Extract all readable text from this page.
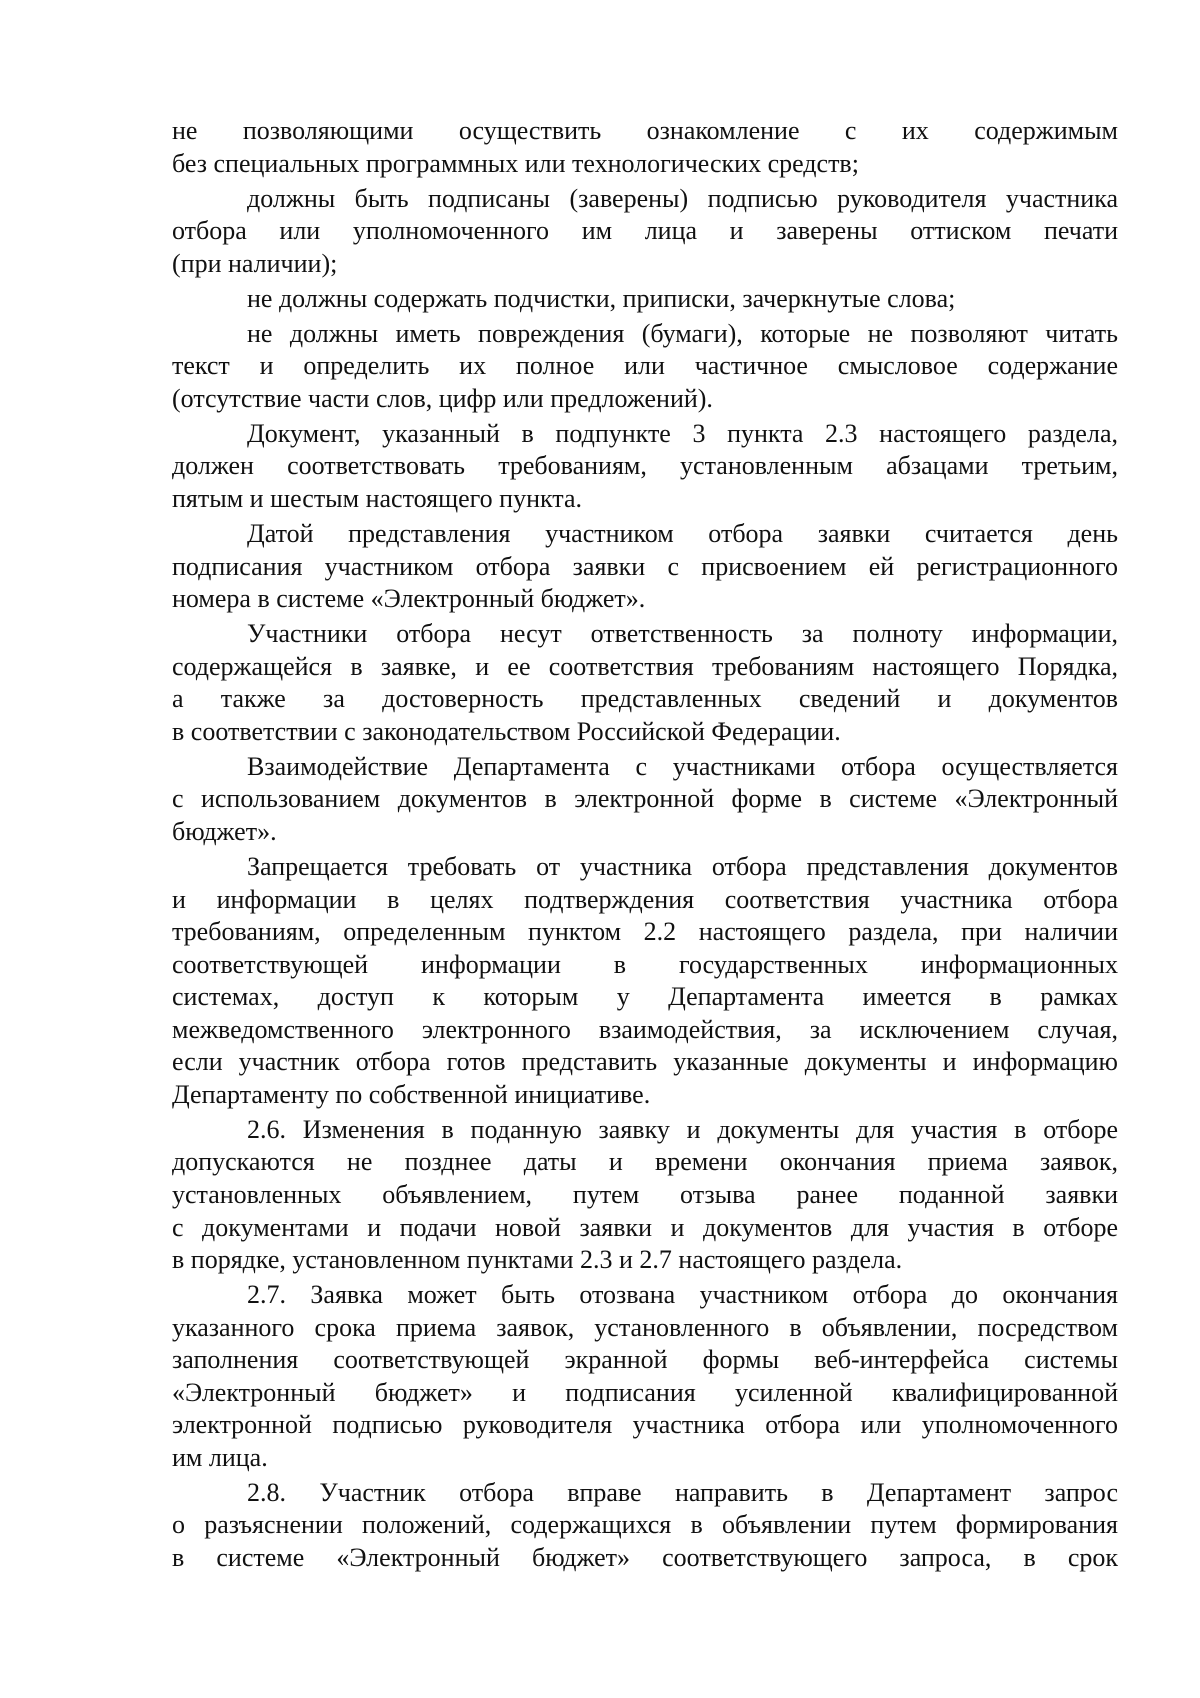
не позволяющими осуществить ознакомление с их содержимым
без специальных программных или технологических средств;
должны быть подписаны (заверены) подписью руководителя участника
отбора или уполномоченного им лица и заверены оттиском печати
(при наличии);
не должны содержать подчистки, приписки, зачеркнутые слова;
не должны иметь повреждения (бумаги), которые не позволяют читать
текст и определить их полное или частичное смысловое содержание
(отсутствие части слов, цифр или предложений).
Документ, указанный в подпункте 3 пункта 2.3 настоящего раздела,
должен соответствовать требованиям, установленным абзацами третьим,
пятым и шестым настоящего пункта.
Датой представления участником отбора заявки считается день
подписания участником отбора заявки с присвоением ей регистрационного
номера в системе «Электронный бюджет».
Участники отбора несут ответственность за полноту информации,
содержащейся в заявке, и ее соответствия требованиям настоящего Порядка,
а также за достоверность представленных сведений и документов
в соответствии с законодательством Российской Федерации.
Взаимодействие Департамента с участниками отбора осуществляется
с использованием документов в электронной форме в системе «Электронный
бюджет».
Запрещается требовать от участника отбора представления документов
и информации в целях подтверждения соответствия участника отбора
требованиям, определенным пунктом 2.2 настоящего раздела, при наличии
соответствующей информации в государственных информационных
системах, доступ к которым у Департамента имеется в рамках
межведомственного электронного взаимодействия, за исключением случая,
если участник отбора готов представить указанные документы и информацию
Департаменту по собственной инициативе.
2.6. Изменения в поданную заявку и документы для участия в отборе
допускаются не позднее даты и времени окончания приема заявок,
установленных объявлением, путем отзыва ранее поданной заявки
с документами и подачи новой заявки и документов для участия в отборе
в порядке, установленном пунктами 2.3 и 2.7 настоящего раздела.
2.7. Заявка может быть отозвана участником отбора до окончания
указанного срока приема заявок, установленного в объявлении, посредством
заполнения соответствующей экранной формы веб-интерфейса системы
«Электронный бюджет» и подписания усиленной квалифицированной
электронной подписью руководителя участника отбора или уполномоченного
им лица.
2.8. Участник отбора вправе направить в Департамент запрос
о разъяснении положений, содержащихся в объявлении путем формирования
в системе «Электронный бюджет» соответствующего запроса, в срок
